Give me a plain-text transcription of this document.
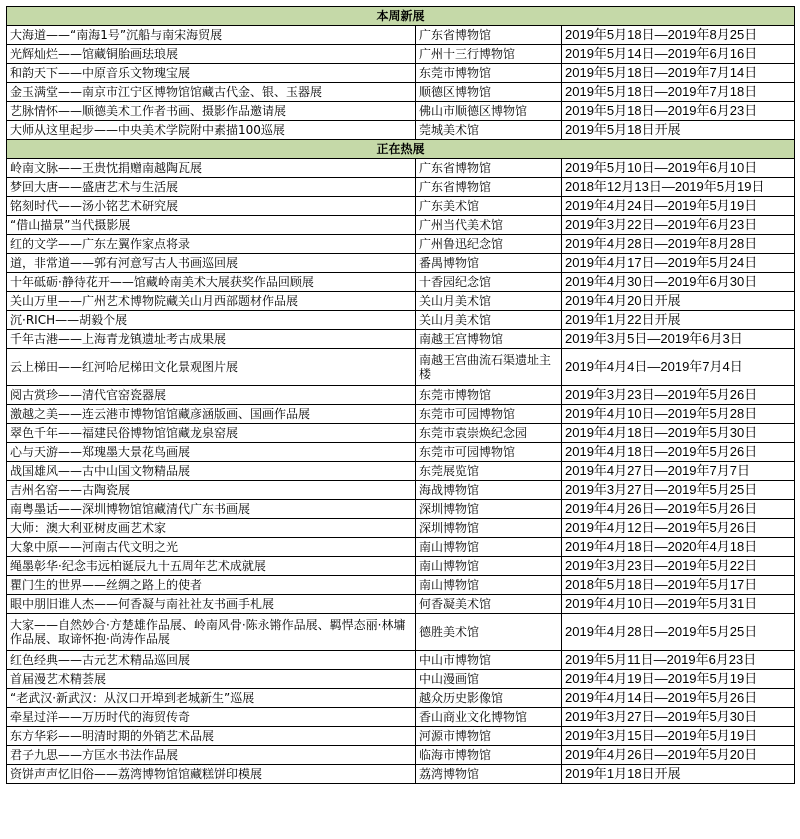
本周新展		
大海道——“南海1号”沉船与南宋海贸展	广东省博物馆	2019年5月18日—2019年8月25日
光辉灿烂——馆藏铜胎画珐琅展	广州十三行博物馆	2019年5月14日—2019年6月16日
和韵天下——中原音乐文物瑰宝展	东莞市博物馆	2019年5月18日—2019年7月14日
金玉满堂——南京市江宁区博物馆馆藏古代金、银、玉器展	顺德区博物馆	2019年5月18日—2019年7月18日
艺脉情怀——顺德美术工作者书画、摄影作品邀请展	佛山市顺德区博物馆	2019年5月18日—2019年6月23日
大师从这里起步——中央美术学院附中素描100巡展	莞城美术馆	2019年5月18日开展
正在热展		
岭南文脉——王贵忱捐赠南越陶瓦展	广东省博物馆	2019年5月10日—2019年6月10日
梦回大唐——盛唐艺术与生活展	广东省博物馆	2018年12月13日—2019年5月19日
铭刻时代——汤小铭艺术研究展	广东美术馆	2019年4月24日—2019年5月19日
“借山描景”当代摄影展	广州当代美术馆	2019年3月22日—2019年6月23日
红的文学——广东左翼作家点将录	广州鲁迅纪念馆	2019年4月28日—2019年8月28日
道，非常道——郭有河意写古人书画巡回展	番禺博物馆	2019年4月17日—2019年5月24日
十年砥砺·静待花开——馆藏岭南美术大展获奖作品回顾展	十香园纪念馆	2019年4月30日—2019年6月30日
关山万里——广州艺术博物院藏关山月西部题材作品展	关山月美术馆	2019年4月20日开展
沉·RICH——胡毅个展	关山月美术馆	2019年1月22日开展
千年古港——上海青龙镇遗址考古成果展	南越王宫博物馆	2019年3月5日—2019年6月3日
云上梯田——红河哈尼梯田文化景观图片展	南越王宫曲流石渠遗址主楼	2019年4月4日—2019年7月4日
阅古赏珍——清代官窑瓷器展	东莞市博物馆	2019年3月23日—2019年5月26日
激越之美——连云港市博物馆馆藏彦涵版画、国画作品展	东莞市可园博物馆	2019年4月10日—2019年5月28日
翠色千年——福建民俗博物馆馆藏龙泉窑展	东莞市袁崇焕纪念园	2019年4月18日—2019年5月30日
心与天游——郑瑰墨大景花鸟画展	东莞市可园博物馆	2019年4月18日—2019年5月26日
战国雄风——古中山国文物精品展	东莞展览馆	2019年4月27日—2019年7月7日
吉州名窑——古陶瓷展	海战博物馆	2019年3月27日—2019年5月25日
南粤墨话——深圳博物馆馆藏清代广东书画展	深圳博物馆	2019年4月26日—2019年5月26日
大师：澳大利亚树皮画艺术家	深圳博物馆	2019年4月12日—2019年5月26日
大象中原——河南古代文明之光	南山博物馆	2019年4月18日—2020年4月18日
绳墨彰华·纪念韦远柏诞辰九十五周年艺术成就展	南山博物馆	2019年3月23日—2019年5月22日
瞿门生的世界——丝绸之路上的使者	南山博物馆	2018年5月18日—2019年5月17日
眼中朋旧谁人杰——何香凝与南社社友书画手札展	何香凝美术馆	2019年4月10日—2019年5月31日
大家——自然妙合·方楚雄作品展、岭南风骨·陈永锵作品展、羁悍态丽·林墉作品展、取谛怀抱·尚涛作品展	德胜美术馆	2019年4月28日—2019年5月25日
红色经典——古元艺术精品巡回展	中山市博物馆	2019年5月11日—2019年6月23日
首届漫艺术精荟展	中山漫画馆	2019年4月19日—2019年5月19日
“老武汉·新武汉：从汉口开埠到老城新生”巡展	越众历史影像馆	2019年4月14日—2019年5月26日
牵星过洋——万历时代的海贸传奇	香山商业文化博物馆	2019年3月27日—2019年5月30日
东方华彩——明清时期的外销艺术品展	河源市博物馆	2019年3月15日—2019年5月19日
君子九思——方匡水书法作品展	临海市博物馆	2019年4月26日—2019年5月20日
资饼声声忆旧俗——荔湾博物馆馆藏糕饼印模展	荔湾博物馆	2019年1月18日开展
